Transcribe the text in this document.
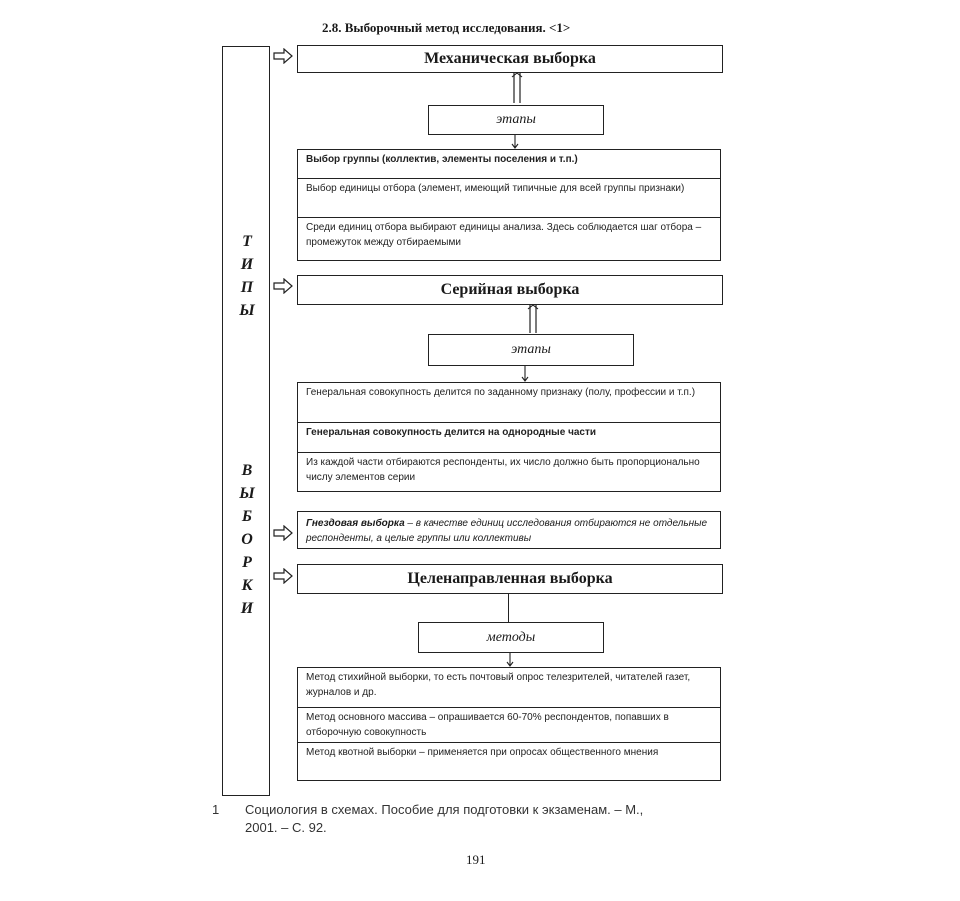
2.8. Выборочный метод исследования. <1>
Т
И
П
Ы
В
Ы
Б
О
Р
К
И
Механическая выборка
этапы
Выбор группы (коллектив, элементы поселения и т.п.)
Выбор единицы отбора (элемент, имеющий типичные для всей группы признаки)
Среди единиц отбора выбирают единицы анализа. Здесь соблюдается шаг отбора – промежуток между отбираемыми
Серийная выборка
этапы
Генеральная совокупность делится по заданному признаку (полу, профессии и т.п.)
Генеральная совокупность делится на однородные части
Из каждой части отбираются респонденты, их число должно быть пропорционально числу элементов серии
Гнездовая выборка – в качестве единиц исследования отбираются не отдельные респонденты, а целые группы или коллективы
Целенаправленная выборка
методы
Метод стихийной выборки, то есть почтовый опрос телезрителей, читателей газет, журналов и др.
Метод основного массива – опрашивается 60-70% респондентов, попавших в отборочную совокупность
Метод квотной выборки – применяется при опросах общественного мнения
1 Социология в схемах. Пособие для подготовки к экзаменам. – М.,
2001. – С. 92.
191
